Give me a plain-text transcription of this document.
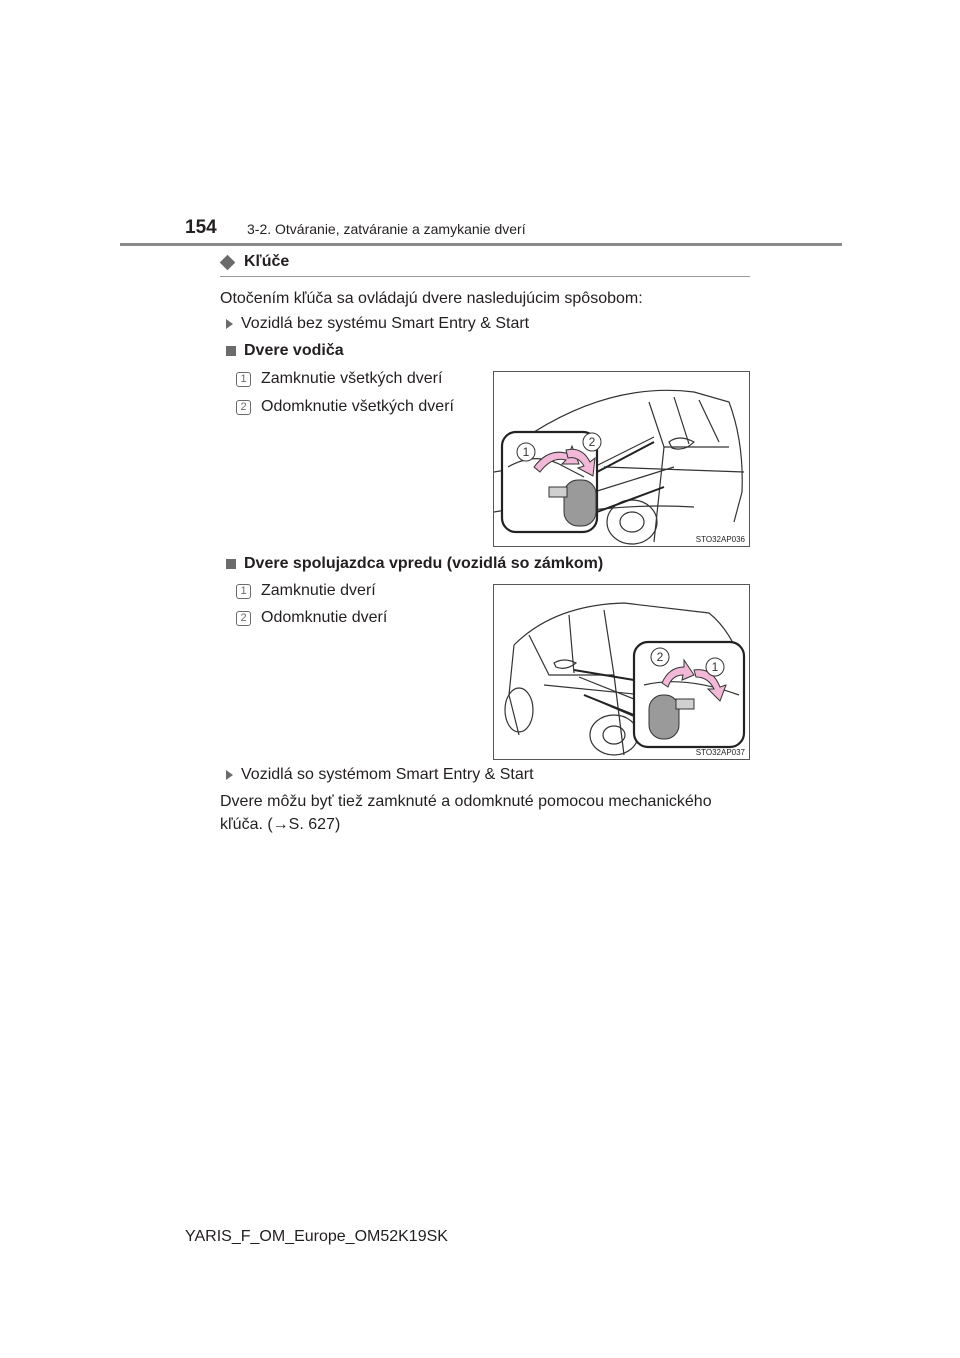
154 3-2. Otváranie, zatváranie a zamykanie dverí
Kľúče
Otočením kľúča sa ovládajú dvere nasledujúcim spôsobom:
Vozidlá bez systému Smart Entry & Start
Dvere vodiča
1 Zamknutie všetkých dverí
2 Odomknutie všetkých dverí
1
2
STO32AP036
Dvere spolujazdca vpredu (vozidlá so zámkom)
1 Zamknutie dverí
2 Odomknutie dverí
2
1
STO32AP037
Vozidlá so systémom Smart Entry & Start
Dvere môžu byť tiež zamknuté a odomknuté pomocou mechanického
kľúča. (→S. 627)
YARIS_F_OM_Europe_OM52K19SK
